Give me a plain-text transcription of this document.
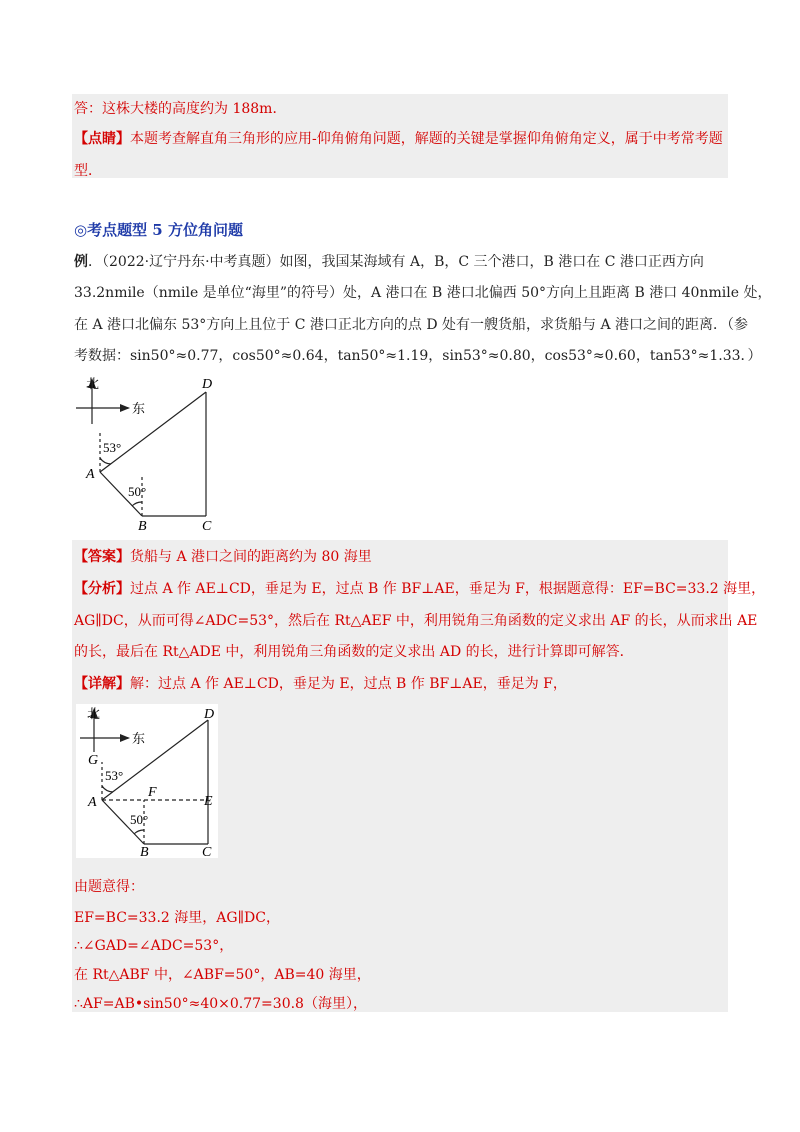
答：这株大楼的高度约为 188m．
【点睛】本题考查解直角三角形的应用-仰角俯角问题，解题的关键是掌握仰角俯角定义，属于中考常考题
型．
◎考点题型 5 方位角问题
例．（2022·辽宁丹东·中考真题）如图，我国某海域有 A，B，C 三个港口，B 港口在 C 港口正西方向
33.2nmile（nmile 是单位“海里”的符号）处，A 港口在 B 港口北偏西 50°方向上且距离 B 港口 40nmile 处，
在 A 港口北偏东 53°方向上且位于 C 港口正北方向的点 D 处有一艘货船，求货船与 A 港口之间的距离．（参
考数据：sin50°≈0.77，cos50°≈0.64，tan50°≈1.19，sin53°≈0.80，cos53°≈0.60，tan53°≈1.33．）
北
东
A
B	C
D
53°
50°
【答案】货船与 A 港口之间的距离约为 80 海里
【分析】过点 A 作 AE⊥CD，垂足为 E，过点 B 作 BF⊥AE，垂足为 F，根据题意得：EF=BC=33.2 海里，
AG∥DC，从而可得∠ADC=53°，然后在 Rt△AEF 中，利用锐角三角函数的定义求出 AF 的长，从而求出 AE
的长，最后在 Rt△ADE 中，利用锐角三角函数的定义求出 AD 的长，进行计算即可解答．
【详解】解：过点 A 作 AE⊥CD，垂足为 E，过点 B 作 BF⊥AE，垂足为 F，
北
东
G
A
F
E
B	C
D
53°
50°
由题意得：
EF=BC=33.2 海里，AG∥DC，
∴∠GAD=∠ADC=53°，
在 Rt△ABF 中，∠ABF=50°，AB=40 海里，
∴AF=AB•sin50°≈40×0.77=30.8（海里），
